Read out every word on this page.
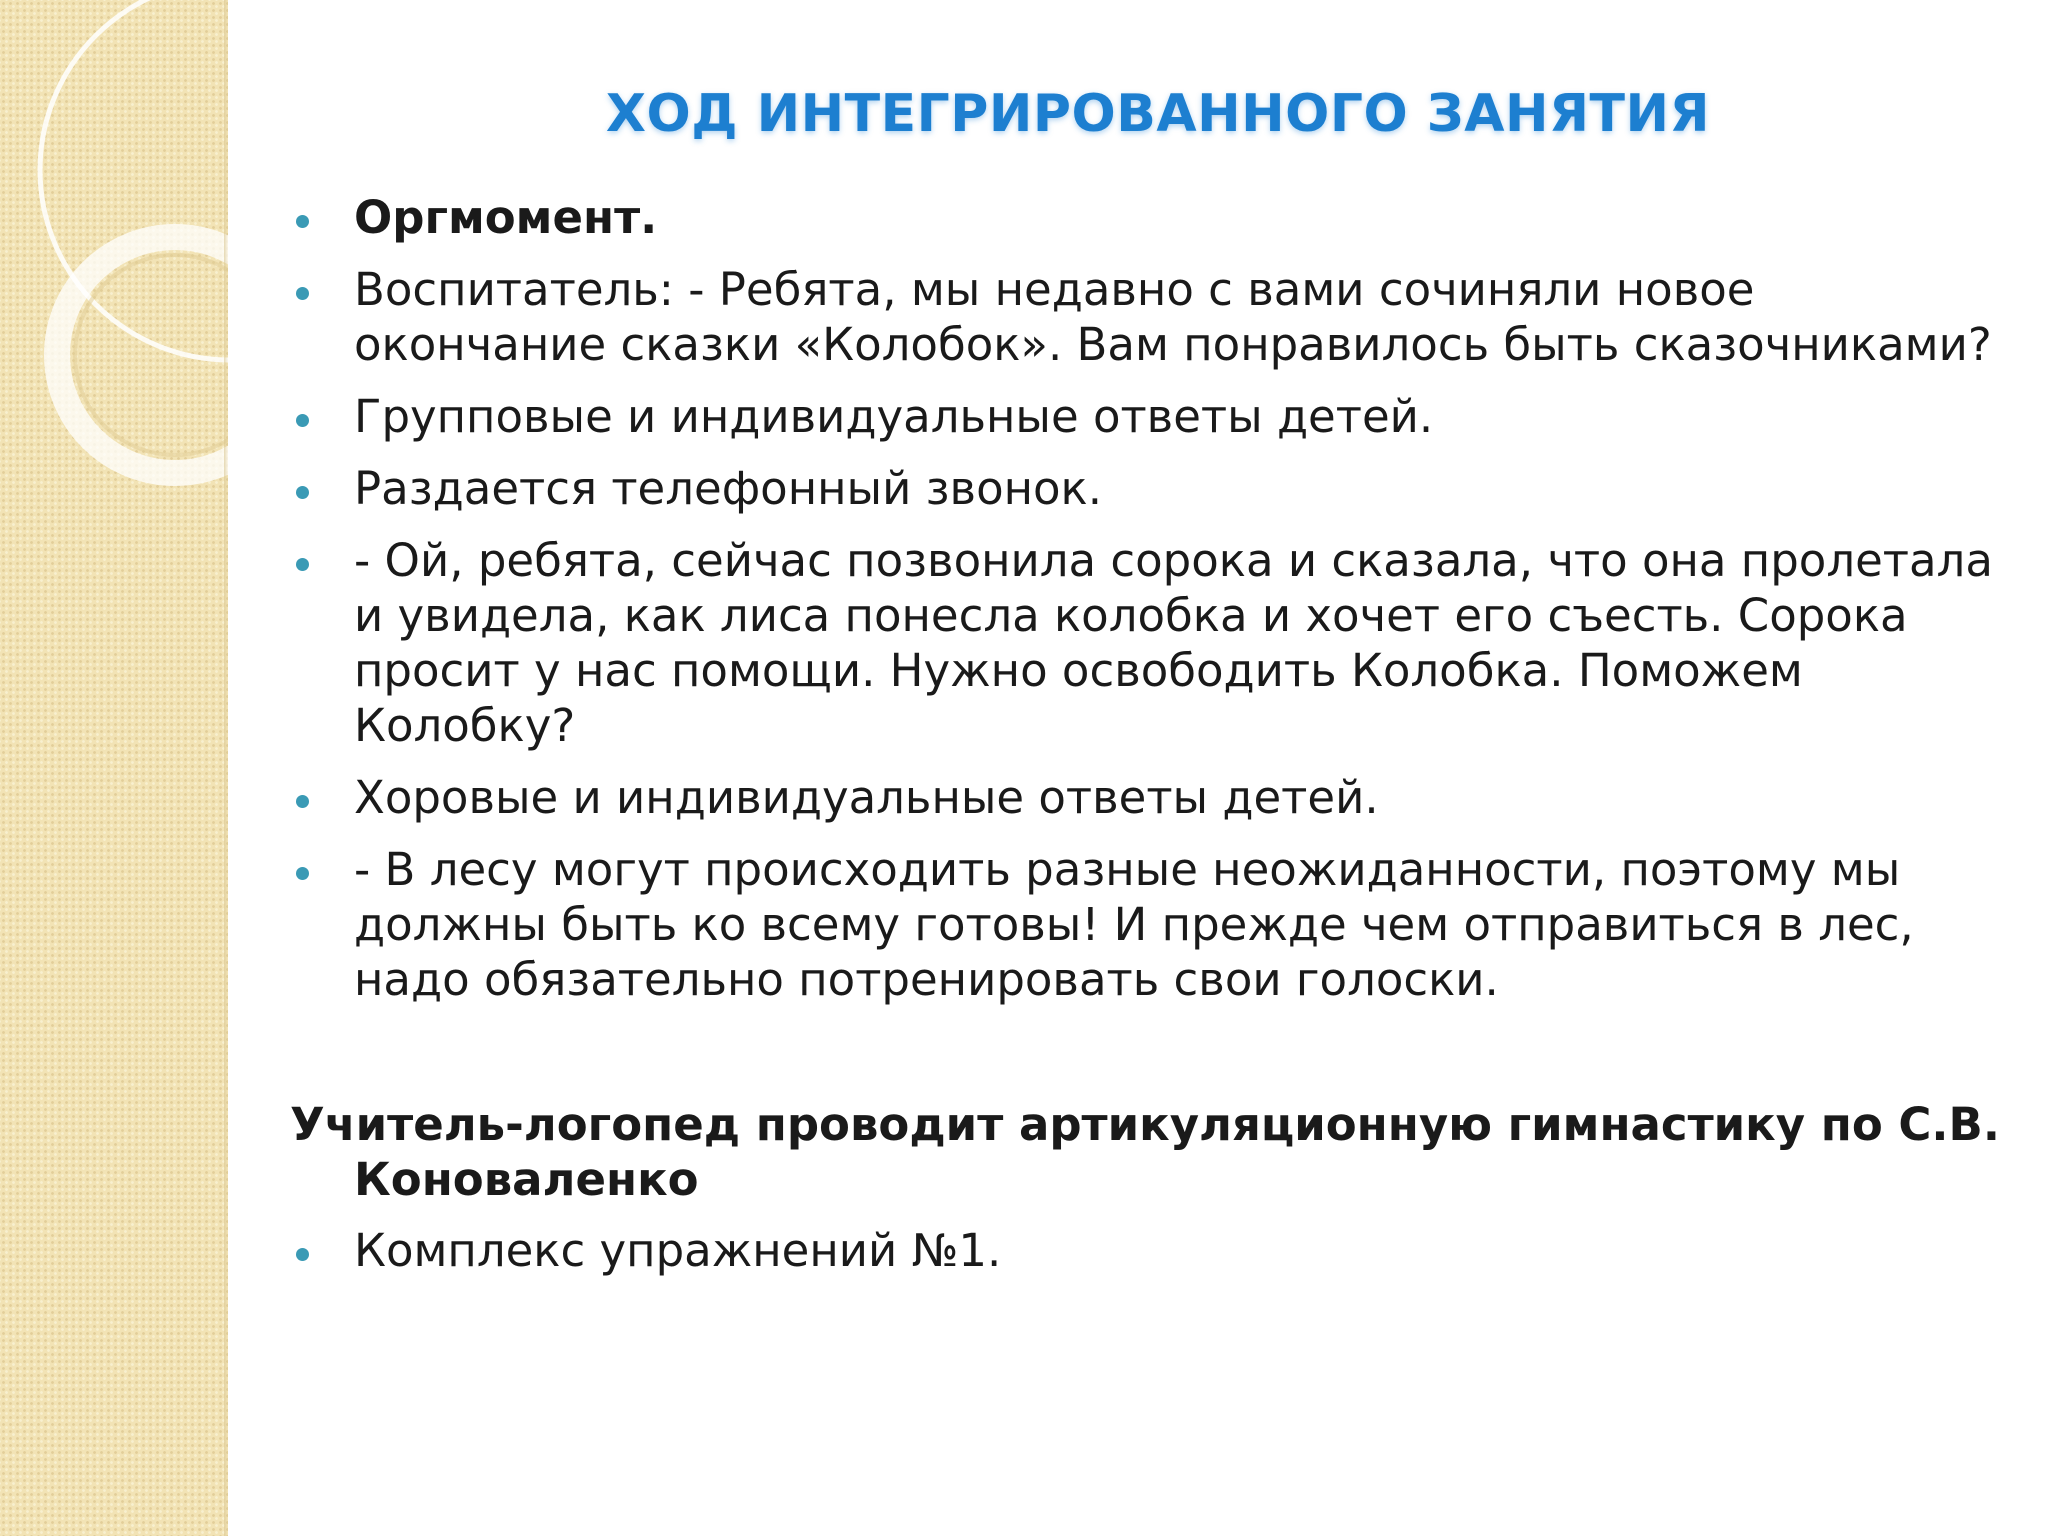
ХОД ИНТЕГРИРОВАННОГО ЗАНЯТИЯ
Оргмомент.
Воспитатель: - Ребята, мы недавно с вами сочиняли новое окончание сказки «Колобок». Вам понравилось быть сказочниками?
Групповые и индивидуальные ответы детей.
Раздается телефонный звонок.
- Ой, ребята, сейчас позвонила сорока и сказала, что она пролетала и увидела, как лиса понесла колобка и хочет его съесть. Сорока просит у нас помощи. Нужно освободить Колобка. Поможем Колобку?
Хоровые и индивидуальные ответы детей.
- В лесу могут происходить разные неожиданности, поэтому мы должны быть ко всему готовы! И прежде чем отправиться в лес, надо обязательно потренировать свои голоски.
Учитель-логопед проводит артикуляционную гимнастику по С.В. Коноваленко
Комплекс упражнений №1.
